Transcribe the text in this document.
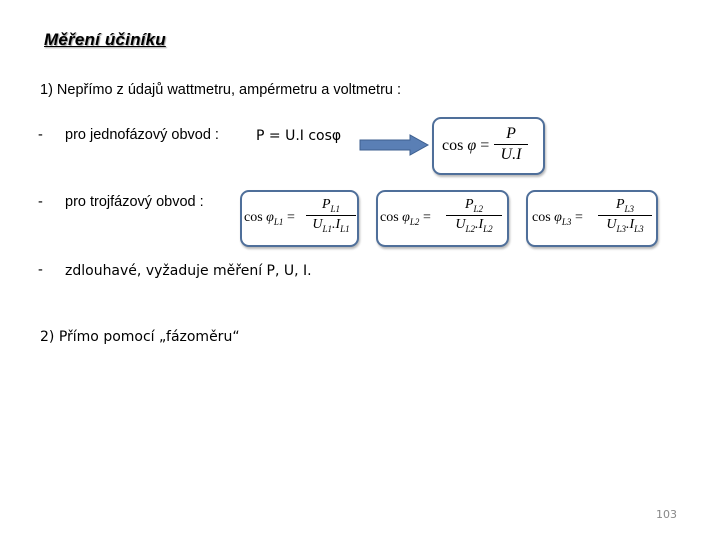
Měření účiníku
1) Nepřímo z údajů wattmetru, ampérmetru a voltmetru :
- pro jednofázový obvod :	P = U.I cosφ
cos φ =
P
U.I
- pro trojfázový obvod :
$\cos \varphi_{L1}$ =
$P_{L1}$
$U_{L1}.I_{L1}$
$\cos \varphi_{L2}$ =
$P_{L2}$
$U_{L2}.I_{L2}$
$\cos \varphi_{L3}$ =
$P_{L3}$
$U_{L3}.I_{L3}$
- zdlouhavé, vyžaduje měření P, U, I.
2) Přímo pomocí „fázoměru“
103
